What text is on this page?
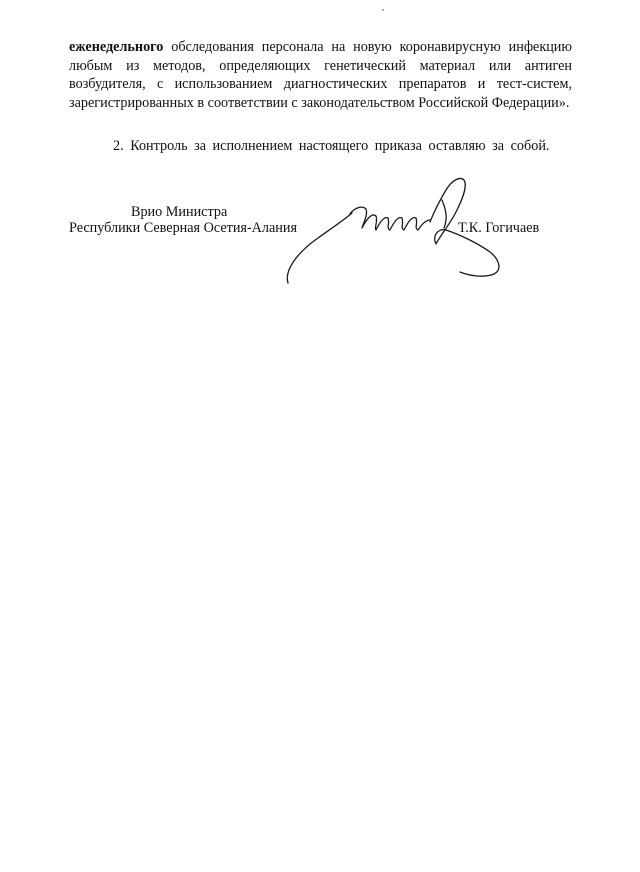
еженедельного обследования персонала на новую коронавирусную инфекцию любым из методов, определяющих генетический материал или антиген возбудителя, с использованием диагностических препаратов и тест-систем, зарегистрированных в соответствии с законодательством Российской Федерации».

2. Контроль за исполнением настоящего приказа оставляю за собой.

Врио Министра
Республики Северная Осетия-Алания	Т.К. Гогичаев
